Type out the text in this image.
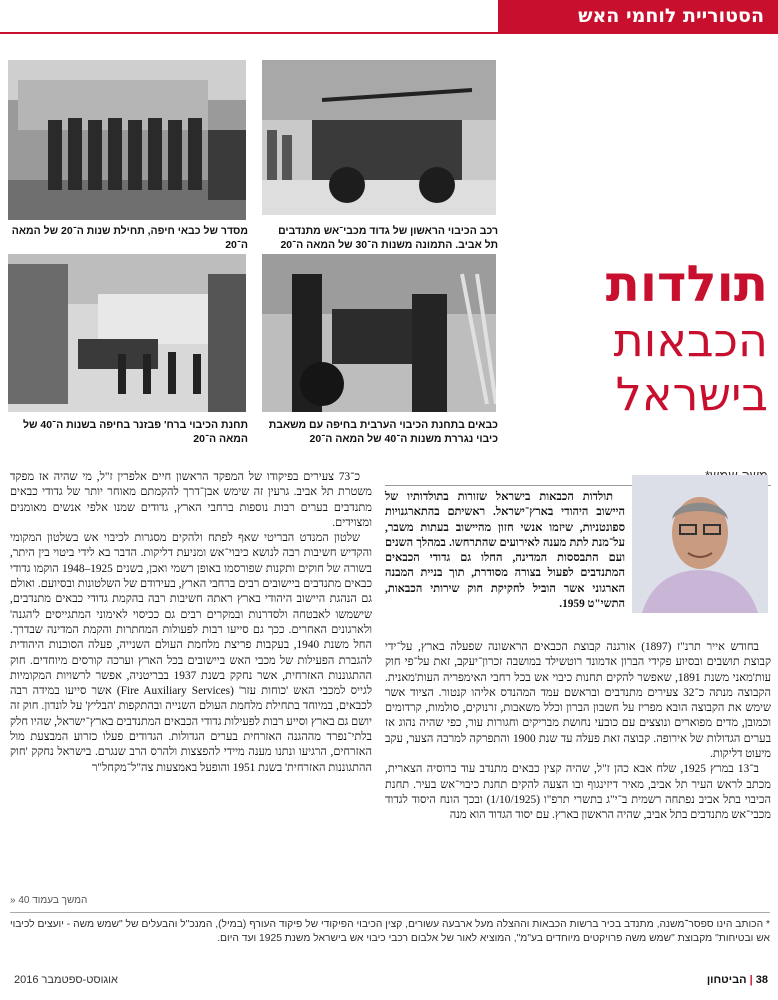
הסטוריית לוחמי האש
מסדר של כבאי חיפה, תחילת שנות ה־20 של המאה ה־20
רכב הכיבוי הראשון של גדוד מכבי־אש מתנדבים תל אביב. התמונה משנות ה־30 של המאה ה־20
תחנת הכיבוי ברח' פבזנר בחיפה בשנות ה־40 של המאה ה־20
כבאים בתחנת הכיבוי הערבית בחיפה עם משאבת כיבוי נגררת משנות ה־40 של המאה ה־20
תולדות
הכבאות
בישראל

תולדות הכבאות בישראל שזורות בתולדותיו של היישוב היהודי בארץ־ישראל. ראשיתם בהתארגנויות ספונטניות, שיזמו אנשי חזון מהיישוב בעתות משבר, על־מנת לתת מענה לאירועים שהתרחשו. במהלך השנים ועם התבססות המדינה, החלו גם גדודי הכבאים המתנדבים לפעול בצורה מסודרת, תוך בניית המבנה הארגוני אשר הוביל לחקיקת חוק שירותי הכבאות, התשי"ט 1959.

בחודש אייר תרנ"ז (1897) אורגנה קבוצת הכבאים הראשונה שפעלה בארץ, על־ידי קבוצת תושבים ובסיוע פקידי הברון אדמונד רוטשילד במושבה זכרון־יעקב, זאת על־פי חוק עות'מאני משנת 1891, שאפשר להקים תחנות כיבוי אש בכל רחבי האימפריה העות'מאנית. הקבוצה מנתה כ־32 צעירים מתנדבים ובראשם עמד המהנדס אליהו קנטור. הציוד אשר שימש את הקבוצה הובא מפריז על חשבון הברון וכלל משאבות, זרנוקים, סולמות, קרדומים וכמובן, מדים מפוארים ונוצצים עם כובעי נחושת מבריקים וחגורות עור, כפי שהיה נהוג אז בערים הגדולות של אירופה. קבוצה זאת פעלה עד שנת 1900 והתפרקה למרבה הצער, עקב מיעוט דליקות.

ב־13 במרץ 1925, שלח אבא כהן ז"ל, שהיה קצין כבאים מתנדב עוד ברוסיה הצארית, מכתב לראש העיר תל אביב, מאיר דיזינגוף ובו הצעה להקים תחנת כיבוי־אש בעיר. תחנת הכיבוי בתל אביב נפתחה רשמית ב־י"ג בתשרי תרפ"ו (1/10/1925) ובכך הונח היסוד לגדוד מכבי־אש מתנדבים בתל אביב, שהיה הראשון בארץ. עם יסוד הגדוד הוא מנה

כ־73 צעירים בפיקודו של המפקד הראשון חיים אלפרין ז"ל, מי שהיה אז מפקד משטרת תל אביב. גרעין זה שימש אבן־דרך להקמתם מאוחר יותר של גדודי כבאים מתנדבים בערים רבות נוספות ברחבי הארץ, גדודים שמנו אלפי אנשים מאומנים ומצוידים.

שלטון המנדט הבריטי שאף לפתח ולהקים מסגרות לכיבוי אש בשלטון המקומי והקדיש חשיבות רבה לנושא כיבוי־אש ומניעת דליקות. הדבר בא לידי ביטוי בין היתר, בשורה של חוקים ותקנות שפורסמו באופן רשמי ואכן, בשנים 1925–1948 הוקמו גדודי כבאים מתנדבים ביישובים רבים ברחבי הארץ, בעידודם של השלטונות ובסיועם. ואולם גם הנהגת היישוב היהודי בארץ ראתה חשיבות רבה בהקמת גדודי כבאים מתנדבים, שישמשו לאבטחה ולסדרנות ובמקרים רבים גם ככיסוי לאימוני המתגייסים ל'הגנה' ולארגונים האחרים. ככך גם סייעו רבות לפעולות המחתרות והקמת המדינה שבדרך. החל משנת 1940, בעקבות פריצת מלחמת העולם השנייה, פעלה הסוכנות היהודית להגברת הפעילות של מכבי האש ביישובים בכל הארץ וערכה קורסים מיוחדים. חוק ההתגוננות האזרחית, אשר נחקק בשנת 1937 בבריטניה, אפשר לרשויות המקומיות לגייס למכבי האש 'כוחות עזר' (Fire Auxiliary Services) אשר סייעו במידה רבה לכבאים, במיוחד בתחילת מלחמת העולם השנייה ובהתקפות 'הבליץ' על לונדון. חוק זה יושם גם בארץ וסייע רבות לפעילות גדודי הכבאים המתנדבים בארץ־ישראל, שהיו חלק בלתי־נפרד מההגנה האזרחית בערים הגדולות. הגדודים פעלו כזרוע המבצעת מול האזרחים, הרגיעו ונתנו מענה מיידי להפצצות ולהרס הרב שנגרם. בישראל נחקק 'חוק ההתגוננות האזרחית' בשנת 1951 והופעל באמצעות צה"ל־מקחל"ר

המשך בעמוד 40 «
* הכותב הינו ספסר־משנה, מתנדב בכיר ברשות הכבאות וההצלה מעל ארבעה עשורים, קצין הכיבוי הפיקודי של פיקוד העורף (במיל), המנכ"ל והבעלים של "שמש משה - יועצים לכיבוי אש ובטיחות" מקבוצת "שמש משה פרויקטים מיוחדים בע"מ", המוציא לאור של אלבום רכבי כיבוי אש בישראל משנת 1925 ועד היום.
38 | הביטחון
אוגוסט-ספטמבר 2016
